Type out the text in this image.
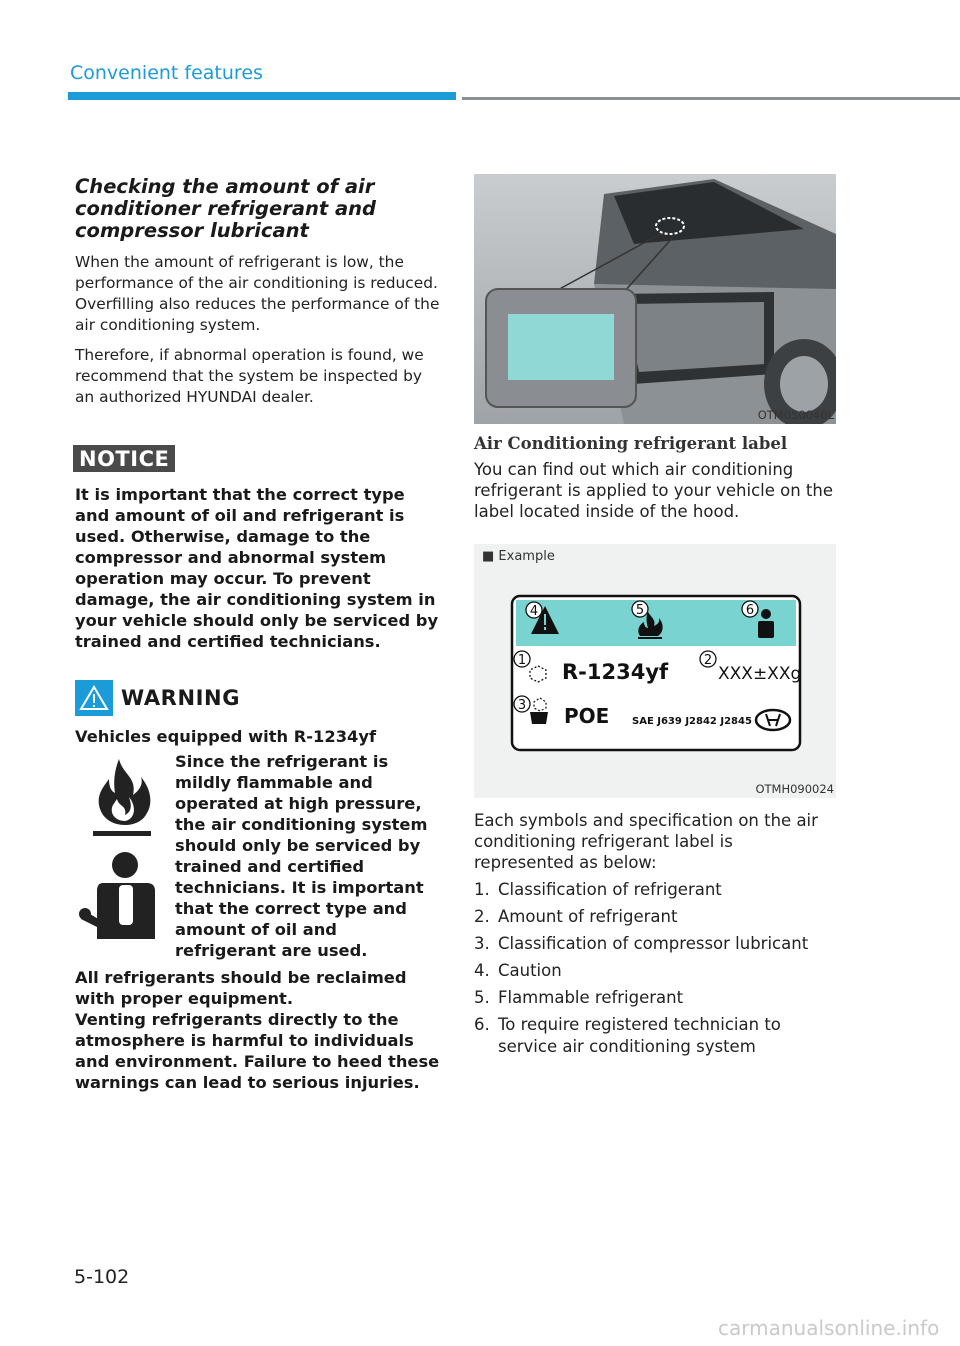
Convenient features
Checking the amount of air conditioner refrigerant and compressor lubricant

When the amount of refrigerant is low, the performance of the air conditioning is reduced. Overfilling also reduces the performance of the air conditioning system.

Therefore, if abnormal operation is found, we recommend that the system be inspected by an authorized HYUNDAI dealer.

NOTICE

It is important that the correct type and amount of oil and refrigerant is used. Otherwise, damage to the compressor and abnormal system operation may occur. To prevent damage, the air conditioning system in your vehicle should only be serviced by trained and certified technicians.

WARNING

Vehicles equipped with R-1234yf

Since the refrigerant is mildly flammable and operated at high pressure, the air conditioning system should only be serviced by trained and certified technicians. It is important that the correct type and amount of oil and refrigerant are used.

All refrigerants should be reclaimed with proper equipment.

Venting refrigerants directly to the atmosphere is harmful to individuals and environment. Failure to heed these warnings can lead to serious injuries.

OTM050040L
Air Conditioning refrigerant label

You can find out which air conditioning refrigerant is applied to your vehicle on the label located inside of the hood.

■ Example
4	5	6
1	2
3
R-1234yf	XXX±XXg
POE SAE J639 J2842 J2845
OTMH090024

Each symbols and specification on the air conditioning refrigerant label is represented as below:

1. Classification of refrigerant
2. Amount of refrigerant
3. Classification of compressor lubricant
4. Caution
5. Flammable refrigerant
6. To require registered technician to service air conditioning system
5-102
carmanualsonline.info
